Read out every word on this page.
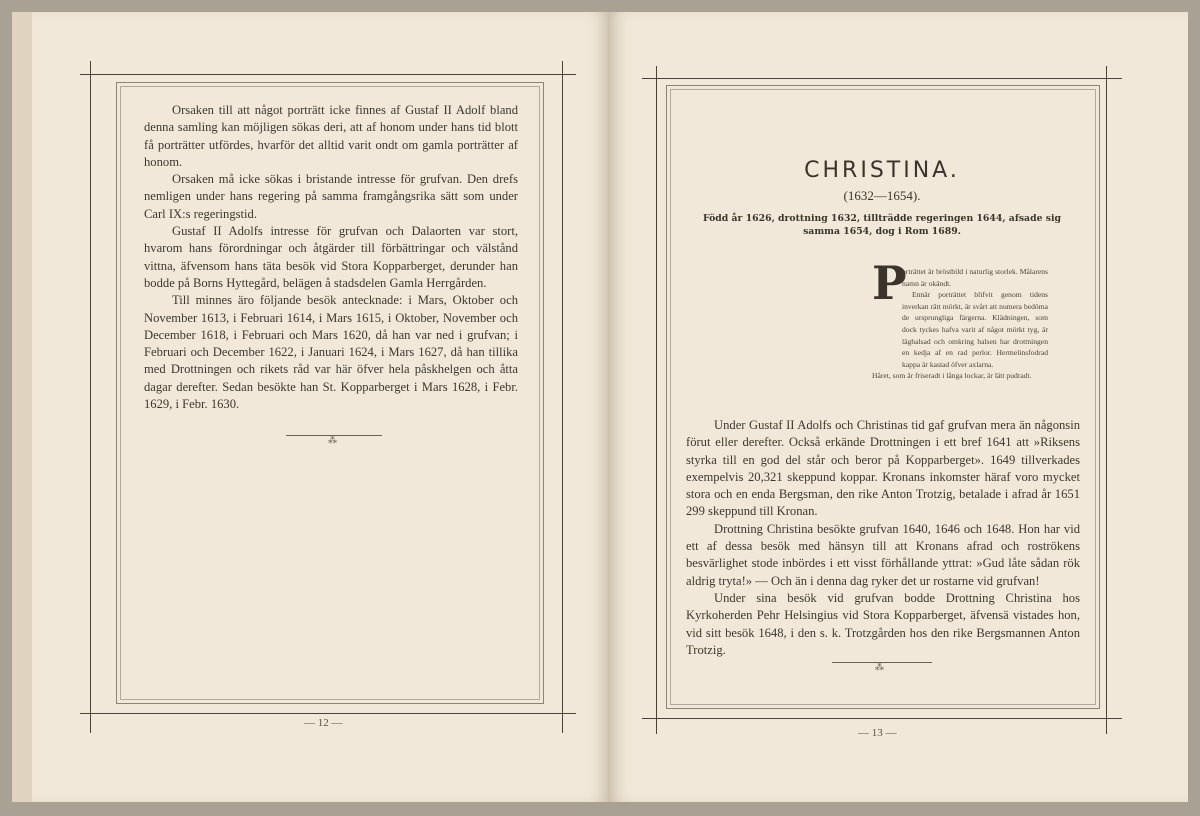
Orsaken till att något porträtt icke finnes af Gustaf II Adolf bland denna samling kan möjligen sökas deri, att af honom under hans tid blott få porträtter utfördes, hvarför det alltid varit ondt om gamla porträtter af honom.

Orsaken må icke sökas i bristande intresse för grufvan. Den drefs nemligen under hans regering på samma framgångsrika sätt som under Carl IX:s regeringstid.

Gustaf II Adolfs intresse för grufvan och Dalaorten var stort, hvarom hans förordningar och åtgärder till förbättringar och välstånd vittna, äfvensom hans täta besök vid Stora Kopparberget, derunder han bodde på Borns Hyttegård, belägen å stadsdelen Gamla Herrgården.

Till minnes äro följande besök antecknade: i Mars, Oktober och November 1613, i Februari 1614, i Mars 1615, i Oktober, November och December 1618, i Februari och Mars 1620, då han var ned i grufvan; i Februari och December 1622, i Januari 1624, i Mars 1627, då han tillika med Drottningen och rikets råd var här öfver hela påskhelgen och åtta dagar derefter. Sedan besökte han St. Kopparberget i Mars 1628, i Febr. 1629, i Febr. 1630.

⁂
— 12 —
CHRISTINA.
(1632—1654).
Född år 1626, drottning 1632, tillträdde regeringen 1644, afsade sig samma 1654, dog i Rom 1689.
P

orträttet är bröstbild i naturlig storlek. Målarens namn är okändt.

Ennär porträttet blifvit genom tidens inverkan rätt mörkt, är svårt att numera bedöma de ursprungliga färgerna. Klädningen, som dock tyckes hafva varit af något mörkt tyg, är läghalsad och omkring halsen har drottningen en kedja af en rad perlor. Hermelinsfodrad kappa är kastad öfver axlarna.

Håret, som är friseradt i långa lockar, är lätt pudradt.

Under Gustaf II Adolfs och Christinas tid gaf grufvan mera än någonsin förut eller derefter. Också erkände Drottningen i ett bref 1641 att »Riksens styrka till en god del står och beror på Kopparberget». 1649 tillverkades exempelvis 20,321 skeppund koppar. Kronans inkomster häraf voro mycket stora och en enda Bergsman, den rike Anton Trotzig, betalade i afrad år 1651 299 skeppund till Kronan.

Drottning Christina besökte grufvan 1640, 1646 och 1648. Hon har vid ett af dessa besök med hänsyn till att Kronans afrad och roströkens besvärlighet stode inbördes i ett visst förhållande yttrat: »Gud låte sådan rök aldrig tryta!» — Och än i denna dag ryker det ur rostarne vid grufvan!

Under sina besök vid grufvan bodde Drottning Christina hos Kyrkoherden Pehr Helsingius vid Stora Kopparberget, äfvensä vistades hon, vid sitt besök 1648, i den s. k. Trotzgården hos den rike Bergsmannen Anton Trotzig.

⁂
— 13 —
